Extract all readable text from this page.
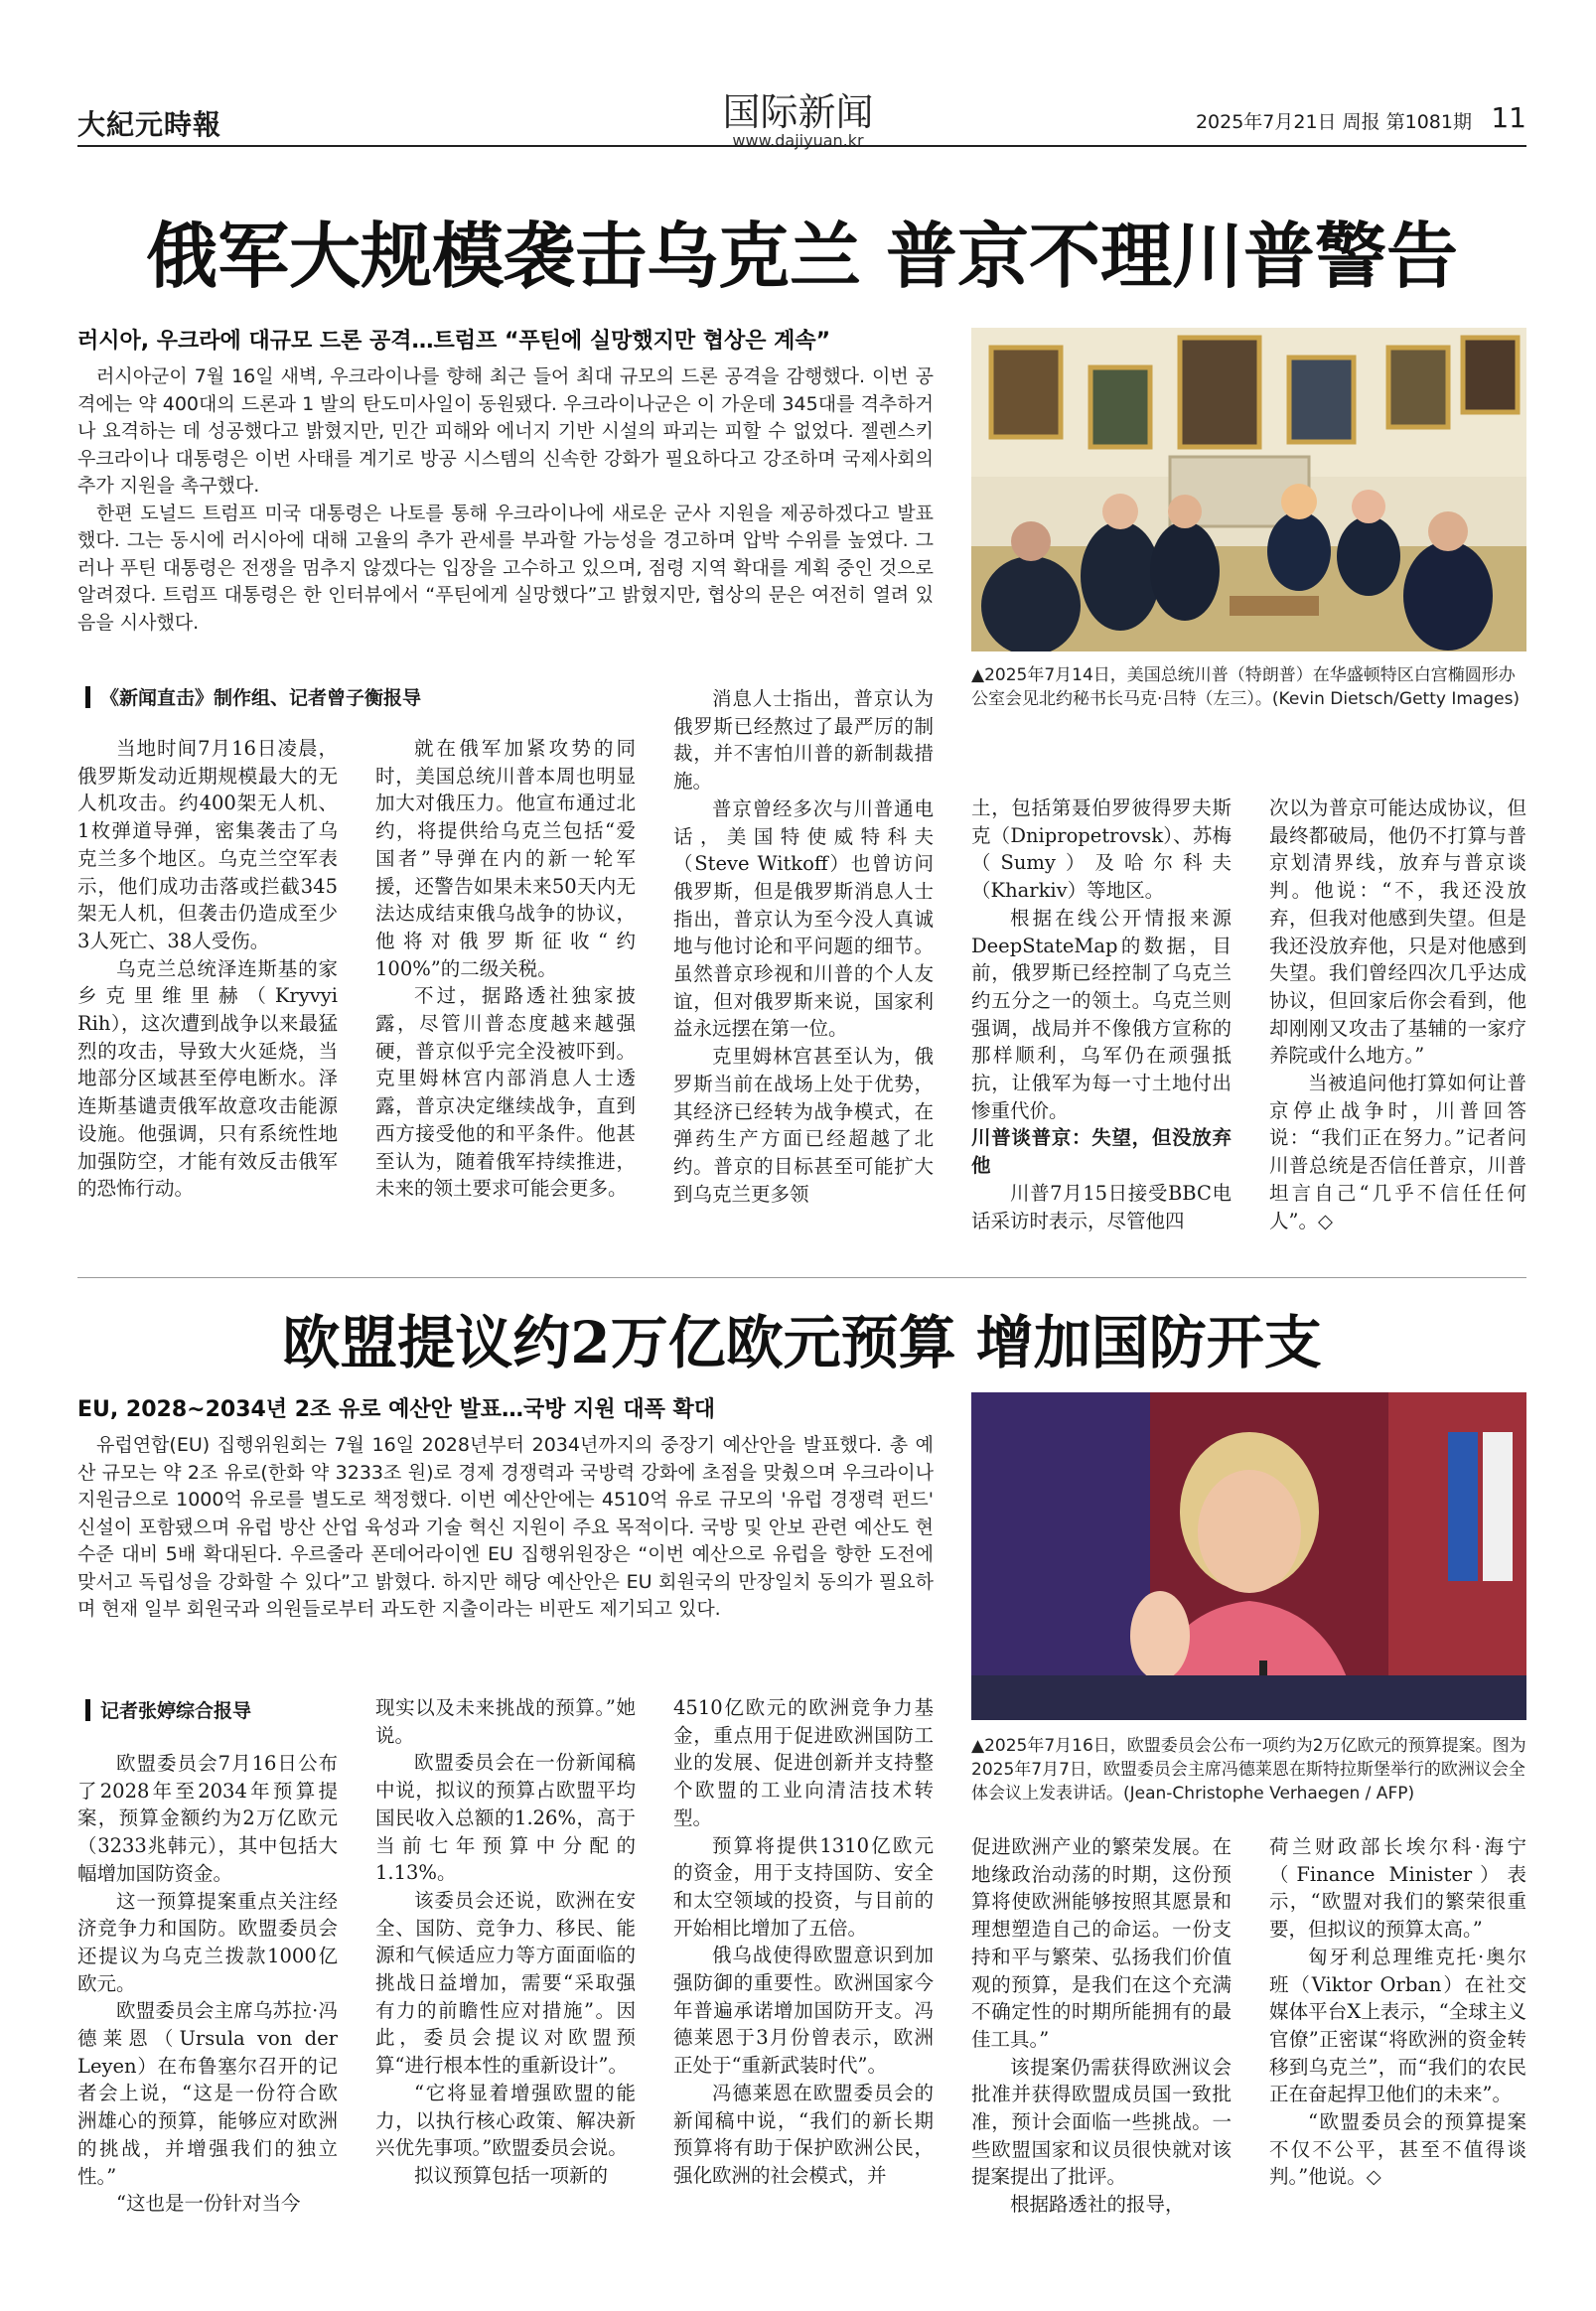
大紀元時報	国际新闻
www.dajiyuan.kr
2025年7月21日 周报 第1081期 11
俄军大规模袭击乌克兰 普京不理川普警告
러시아, 우크라에 대규모 드론 공격…트럼프 “푸틴에 실망했지만 협상은 계속”

러시아군이 7월 16일 새벽, 우크라이나를 향해 최근 들어 최대 규모의 드론 공격을 감행했다. 이번 공격에는 약 400대의 드론과 1 발의 탄도미사일이 동원됐다. 우크라이나군은 이 가운데 345대를 격추하거나 요격하는 데 성공했다고 밝혔지만, 민간 피해와 에너지 기반 시설의 파괴는 피할 수 없었다. 젤렌스키 우크라이나 대통령은 이번 사태를 계기로 방공 시스템의 신속한 강화가 필요하다고 강조하며 국제사회의 추가 지원을 촉구했다.

한편 도널드 트럼프 미국 대통령은 나토를 통해 우크라이나에 새로운 군사 지원을 제공하겠다고 발표했다. 그는 동시에 러시아에 대해 고율의 추가 관세를 부과할 가능성을 경고하며 압박 수위를 높였다. 그러나 푸틴 대통령은 전쟁을 멈추지 않겠다는 입장을 고수하고 있으며, 점령 지역 확대를 계획 중인 것으로 알려졌다. 트럼프 대통령은 한 인터뷰에서 “푸틴에게 실망했다”고 밝혔지만, 협상의 문은 여전히 열려 있음을 시사했다.

▲2025年7月14日，美国总统川普（特朗普）在华盛顿特区白宫椭圆形办公室会见北约秘书长马克·吕特（左三）。(Kevin Dietsch/Getty Images)
《新闻直击》制作组、记者曾子衡报导

当地时间7月16日凌晨，俄罗斯发动近期规模最大的无人机攻击。约400架无人机、1枚弹道导弹，密集袭击了乌克兰多个地区。乌克兰空军表示，他们成功击落或拦截345架无人机，但袭击仍造成至少3人死亡、38人受伤。

乌克兰总统泽连斯基的家乡克里维里赫（Kryvyi Rih），这次遭到战争以来最猛烈的攻击，导致大火延烧，当地部分区域甚至停电断水。泽连斯基谴责俄军故意攻击能源设施。他强调，只有系统性地加强防空，才能有效反击俄军的恐怖行动。

就在俄军加紧攻势的同时，美国总统川普本周也明显加大对俄压力。他宣布通过北约，将提供给乌克兰包括“爱国者”导弹在内的新一轮军援，还警告如果未来50天内无法达成结束俄乌战争的协议，他将对俄罗斯征收“约100%”的二级关税。

不过，据路透社独家披露，尽管川普态度越来越强硬，普京似乎完全没被吓到。克里姆林宫内部消息人士透露，普京决定继续战争，直到西方接受他的和平条件。他甚至认为，随着俄军持续推进，未来的领土要求可能会更多。

消息人士指出，普京认为俄罗斯已经熬过了最严厉的制裁，并不害怕川普的新制裁措施。

普京曾经多次与川普通电话，美国特使威特科夫（Steve Witkoff）也曾访问俄罗斯，但是俄罗斯消息人士指出，普京认为至今没人真诚地与他讨论和平问题的细节。虽然普京珍视和川普的个人友谊，但对俄罗斯来说，国家利益永远摆在第一位。

克里姆林宫甚至认为，俄罗斯当前在战场上处于优势，其经济已经转为战争模式，在弹药生产方面已经超越了北约。普京的目标甚至可能扩大到乌克兰更多领

土，包括第聂伯罗彼得罗夫斯克（Dnipropetrovsk）、苏梅（Sumy）及哈尔科夫（Kharkiv）等地区。

根据在线公开情报来源DeepStateMap的数据，目前，俄罗斯已经控制了乌克兰约五分之一的领土。乌克兰则强调，战局并不像俄方宣称的那样顺利，乌军仍在顽强抵抗，让俄军为每一寸土地付出惨重代价。

川普谈普京：失望，但没放弃他

川普7月15日接受BBC电话采访时表示，尽管他四

次以为普京可能达成协议，但最终都破局，他仍不打算与普京划清界线，放弃与普京谈判。他说：“不，我还没放弃，但我对他感到失望。但是我还没放弃他，只是对他感到失望。我们曾经四次几乎达成协议，但回家后你会看到，他却刚刚又攻击了基辅的一家疗养院或什么地方。”

当被追问他打算如何让普京停止战争时，川普回答说：“我们正在努力。”记者问川普总统是否信任普京，川普坦言自己“几乎不信任任何人”。◇

欧盟提议约2万亿欧元预算 增加国防开支
EU, 2028~2034년 2조 유로 예산안 발표…국방 지원 대폭 확대

유럽연합(EU) 집행위원회는 7월 16일 2028년부터 2034년까지의 중장기 예산안을 발표했다. 총 예산 규모는 약 2조 유로(한화 약 3233조 원)로 경제 경쟁력과 국방력 강화에 초점을 맞췄으며 우크라이나 지원금으로 1000억 유로를 별도로 책정했다. 이번 예산안에는 4510억 유로 규모의 '유럽 경쟁력 펀드' 신설이 포함됐으며 유럽 방산 산업 육성과 기술 혁신 지원이 주요 목적이다. 국방 및 안보 관련 예산도 현 수준 대비 5배 확대된다. 우르줄라 폰데어라이엔 EU 집행위원장은 “이번 예산으로 유럽을 향한 도전에 맞서고 독립성을 강화할 수 있다”고 밝혔다. 하지만 해당 예산안은 EU 회원국의 만장일치 동의가 필요하며 현재 일부 회원국과 의원들로부터 과도한 지출이라는 비판도 제기되고 있다.

▲2025年7月16日，欧盟委员会公布一项约为2万亿欧元的预算提案。图为2025年7月7日，欧盟委员会主席冯德莱恩在斯特拉斯堡举行的欧洲议会全体会议上发表讲话。(Jean-Christophe Verhaegen / AFP)
记者张婷综合报导

欧盟委员会7月16日公布了2028年至2034年预算提案，预算金额约为2万亿欧元（3233兆韩元），其中包括大幅增加国防资金。

这一预算提案重点关注经济竞争力和国防。欧盟委员会还提议为乌克兰拨款1000亿欧元。

欧盟委员会主席乌苏拉·冯德莱恩（Ursula von der Leyen）在布鲁塞尔召开的记者会上说，“这是一份符合欧洲雄心的预算，能够应对欧洲的挑战，并增强我们的独立性。”

“这也是一份针对当今

现实以及未来挑战的预算。”她说。

欧盟委员会在一份新闻稿中说，拟议的预算占欧盟平均国民收入总额的1.26%，高于当前七年预算中分配的1.13%。

该委员会还说，欧洲在安全、国防、竞争力、移民、能源和气候适应力等方面面临的挑战日益增加，需要“采取强有力的前瞻性应对措施”。因此，委员会提议对欧盟预算“进行根本性的重新设计”。

“它将显着增强欧盟的能力，以执行核心政策、解决新兴优先事项。”欧盟委员会说。

拟议预算包括一项新的

4510亿欧元的欧洲竞争力基金，重点用于促进欧洲国防工业的发展、促进创新并支持整个欧盟的工业向清洁技术转型。

预算将提供1310亿欧元的资金，用于支持国防、安全和太空领域的投资，与目前的开始相比增加了五倍。

俄乌战使得欧盟意识到加强防御的重要性。欧洲国家今年普遍承诺增加国防开支。冯德莱恩于3月份曾表示，欧洲正处于“重新武装时代”。

冯德莱恩在欧盟委员会的新闻稿中说，“我们的新长期预算将有助于保护欧洲公民，强化欧洲的社会模式，并

促进欧洲产业的繁荣发展。在地缘政治动荡的时期，这份预算将使欧洲能够按照其愿景和理想塑造自己的命运。一份支持和平与繁荣、弘扬我们价值观的预算，是我们在这个充满不确定性的时期所能拥有的最佳工具。”

该提案仍需获得欧洲议会批准并获得欧盟成员国一致批准，预计会面临一些挑战。一些欧盟国家和议员很快就对该提案提出了批评。

根据路透社的报导，

荷兰财政部长埃尔科·海宁（Finance Minister）表示，“欧盟对我们的繁荣很重要，但拟议的预算太高。”

匈牙利总理维克托·奥尔班（Viktor Orban）在社交媒体平台X上表示，“全球主义官僚”正密谋“将欧洲的资金转移到乌克兰”，而“我们的农民正在奋起捍卫他们的未来”。

“欧盟委员会的预算提案不仅不公平，甚至不值得谈判。”他说。◇
